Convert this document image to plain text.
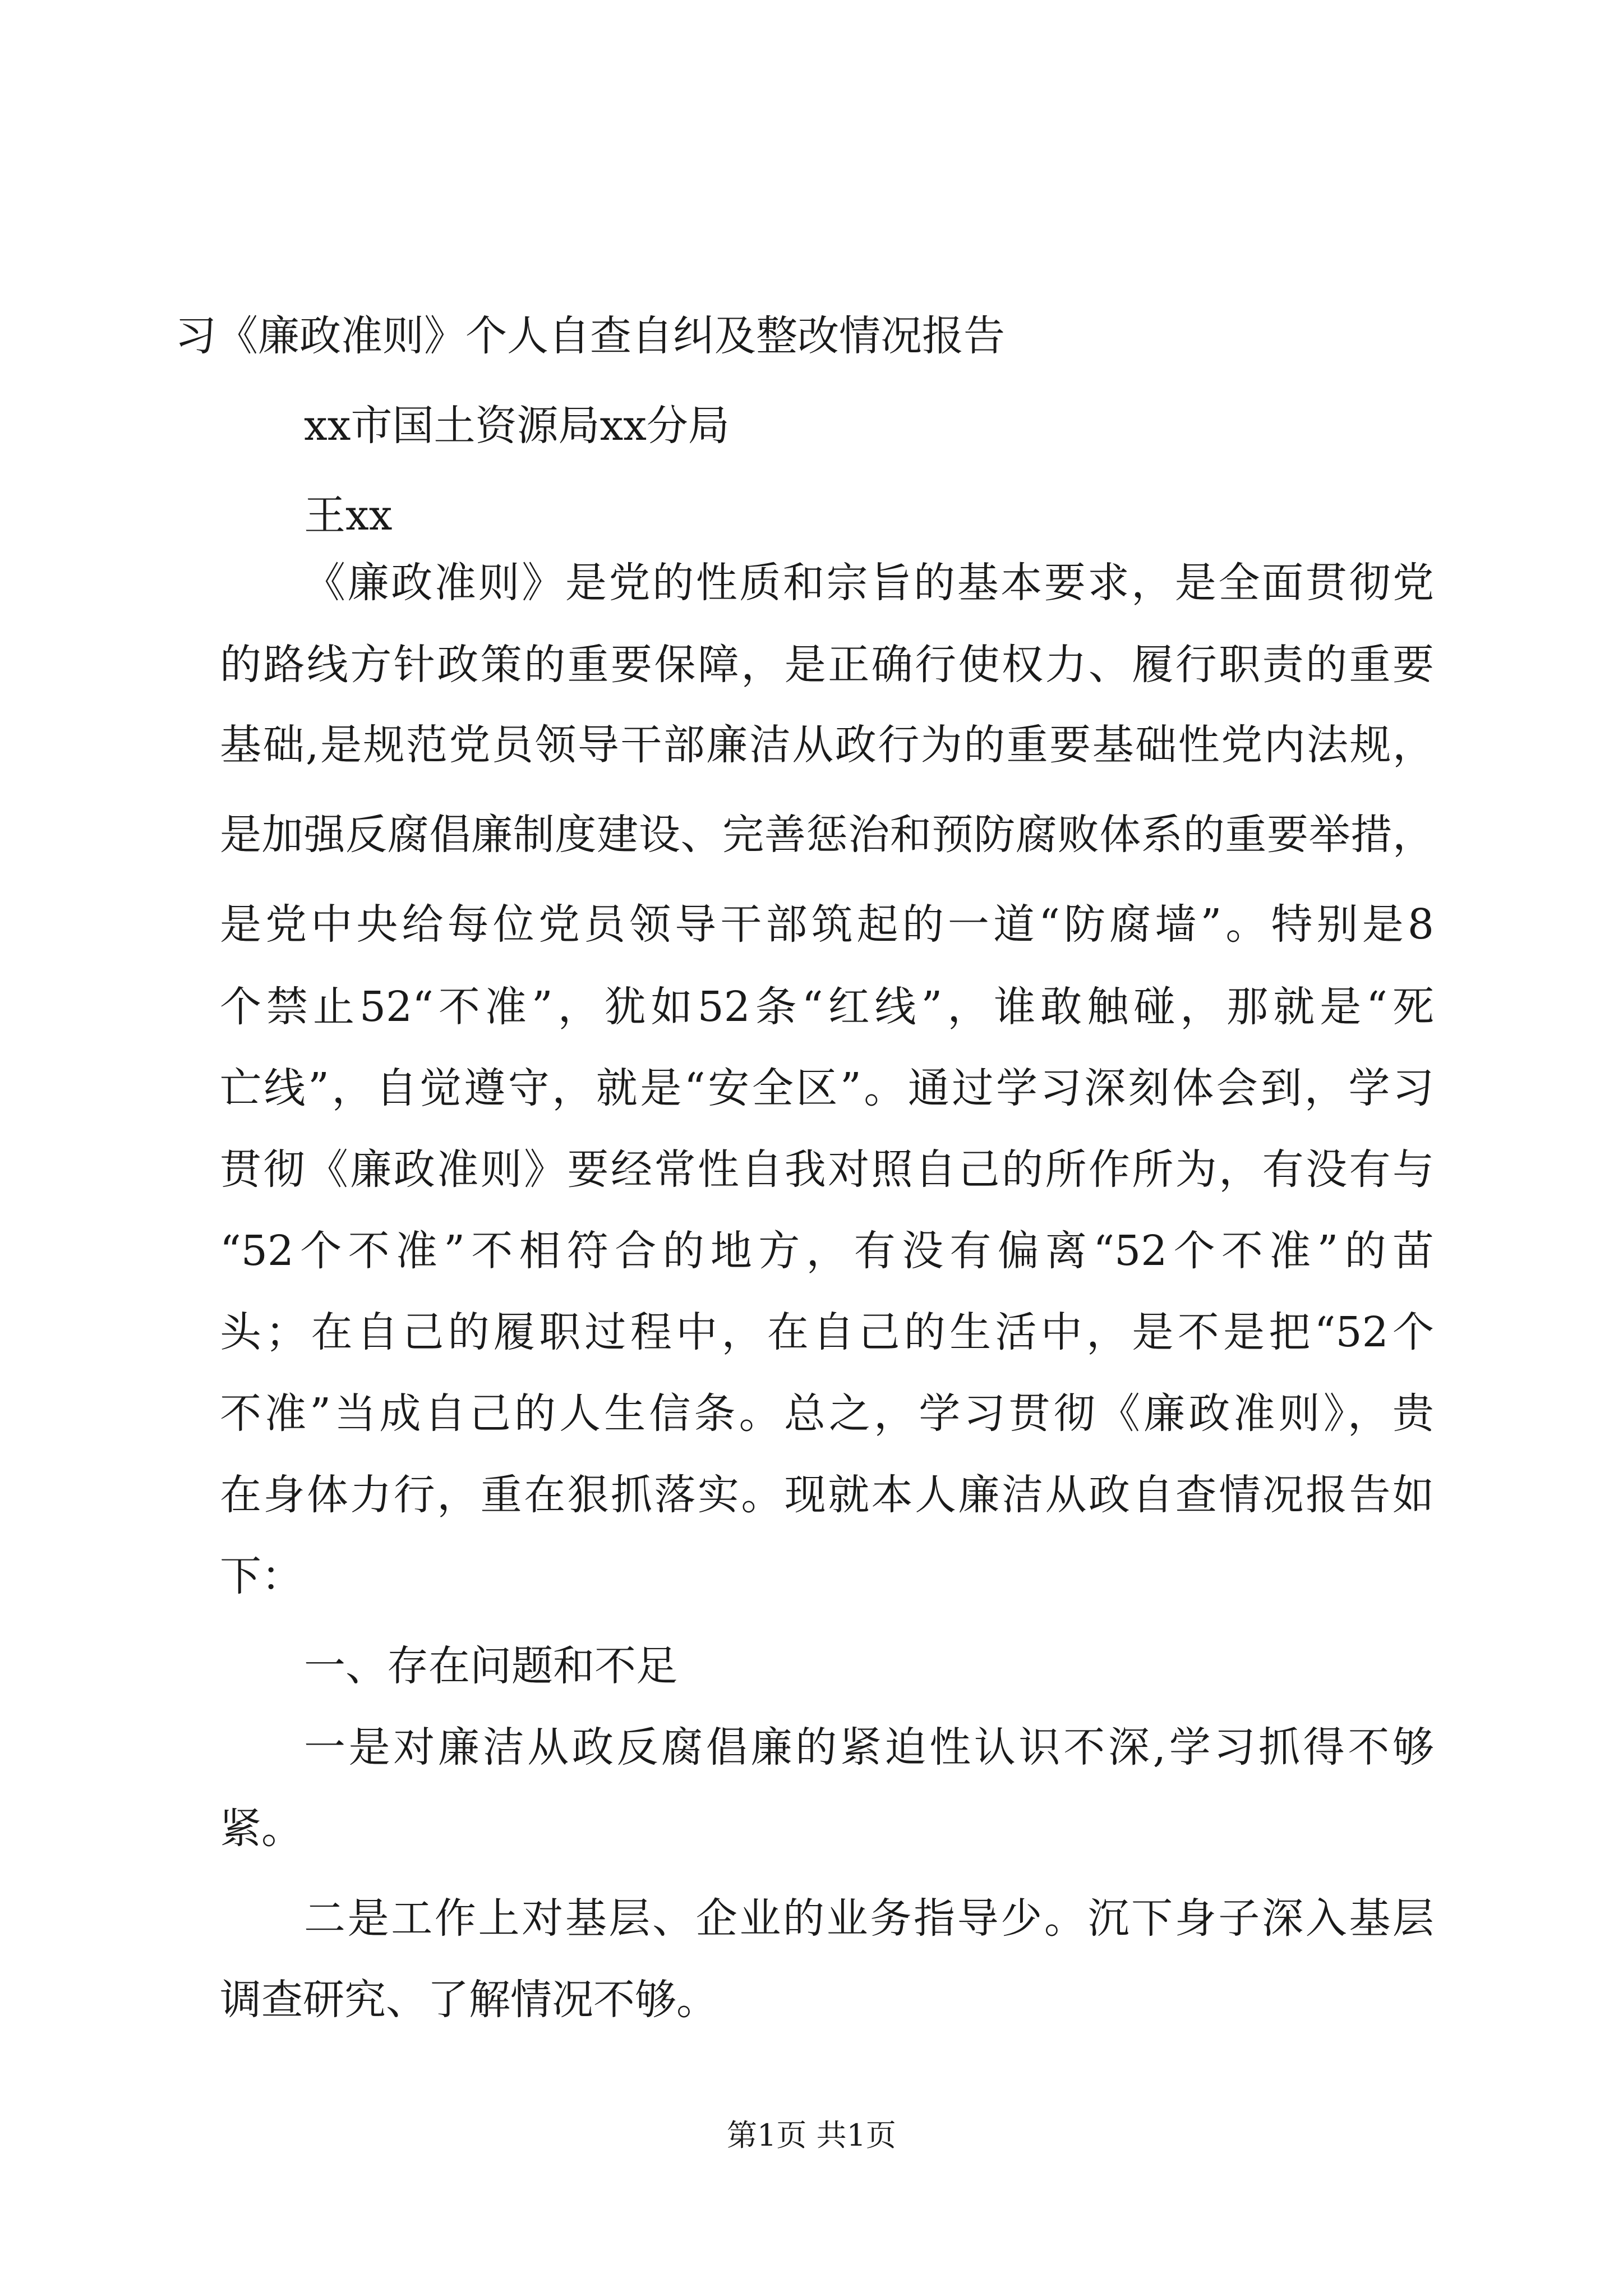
习《廉政准则》个人自查自纠及整改情况报告

xx市国土资源局xx分局

王xx

《廉政准则》是党的性质和宗旨的基本要求，是全面贯彻党

的路线方针政策的重要保障，是正确行使权力、履行职责的重要

基础,是规范党员领导干部廉洁从政行为的重要基础性党内法规，

是加强反腐倡廉制度建设、完善惩治和预防腐败体系的重要举措，

是党中央给每位党员领导干部筑起的一道“防腐墙”。特别是8

个禁止52“不准”，犹如52条“红线”，谁敢触碰，那就是“死

亡线”，自觉遵守，就是“安全区”。通过学习深刻体会到，学习

贯彻《廉政准则》要经常性自我对照自己的所作所为，有没有与

“52个不准”不相符合的地方，有没有偏离“52个不准”的苗

头；在自己的履职过程中，在自己的生活中，是不是把“52个

不准”当成自己的人生信条。总之，学习贯彻《廉政准则》，贵

在身体力行，重在狠抓落实。现就本人廉洁从政自查情况报告如

下：

一、存在问题和不足

一是对廉洁从政反腐倡廉的紧迫性认识不深,学习抓得不够

紧。

二是工作上对基层、企业的业务指导少。沉下身子深入基层

调查研究、了解情况不够。

第1页 共1页
